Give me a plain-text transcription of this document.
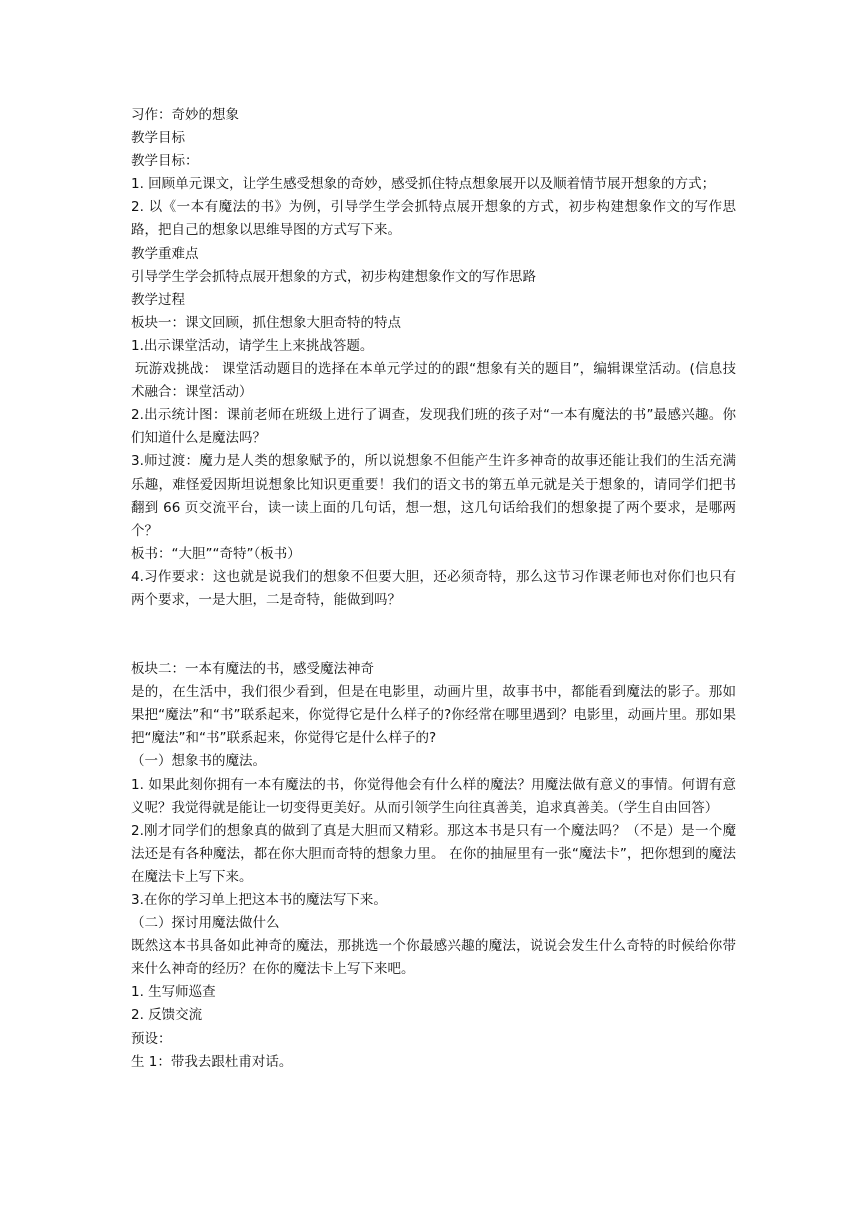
习作：奇妙的想象

教学目标

教学目标：

1. 回顾单元课文，让学生感受想象的奇妙，感受抓住特点想象展开以及顺着情节展开想象的方式；

2. 以《一本有魔法的书》为例，引导学生学会抓特点展开想象的方式，初步构建想象作文的写作思路，把自己的想象以思维导图的方式写下来。

教学重难点

引导学生学会抓特点展开想象的方式，初步构建想象作文的写作思路

教学过程

板块一：课文回顾，抓住想象大胆奇特的特点

1.出示课堂活动，请学生上来挑战答题。

玩游戏挑战： 课堂活动题目的选择在本单元学过的的跟“想象有关的题目”，编辑课堂活动。(信息技术融合：课堂活动）

2.出示统计图：课前老师在班级上进行了调查，发现我们班的孩子对“一本有魔法的书”最感兴趣。你们知道什么是魔法吗？

3.师过渡：魔力是人类的想象赋予的，所以说想象不但能产生许多神奇的故事还能让我们的生活充满乐趣，难怪爱因斯坦说想象比知识更重要！我们的语文书的第五单元就是关于想象的，请同学们把书翻到 66 页交流平台，读一读上面的几句话，想一想，这几句话给我们的想象提了两个要求，是哪两个？

板书：“大胆”“奇特”（板书）

4.习作要求：这也就是说我们的想象不但要大胆，还必须奇特，那么这节习作课老师也对你们也只有两个要求，一是大胆，二是奇特，能做到吗？

板块二：一本有魔法的书，感受魔法神奇

是的，在生活中，我们很少看到，但是在电影里，动画片里，故事书中，都能看到魔法的影子。那如果把“魔法”和“书”联系起来，你觉得它是什么样子的?你经常在哪里遇到？电影里，动画片里。那如果把“魔法”和“书”联系起来，你觉得它是什么样子的?

（一）想象书的魔法。

1. 如果此刻你拥有一本有魔法的书，你觉得他会有什么样的魔法？用魔法做有意义的事情。何谓有意义呢？我觉得就是能让一切变得更美好。从而引领学生向往真善美，追求真善美。（学生自由回答）

2.刚才同学们的想象真的做到了真是大胆而又精彩。那这本书是只有一个魔法吗？（不是）是一个魔法还是有各种魔法，都在你大胆而奇特的想象力里。 在你的抽屉里有一张“魔法卡”，把你想到的魔法在魔法卡上写下来。

3.在你的学习单上把这本书的魔法写下来。

（二）探讨用魔法做什么

既然这本书具备如此神奇的魔法，那挑选一个你最感兴趣的魔法，说说会发生什么奇特的时候给你带来什么神奇的经历？在你的魔法卡上写下来吧。

1. 生写师巡查

2. 反馈交流

预设：

生 1：带我去跟杜甫对话。
